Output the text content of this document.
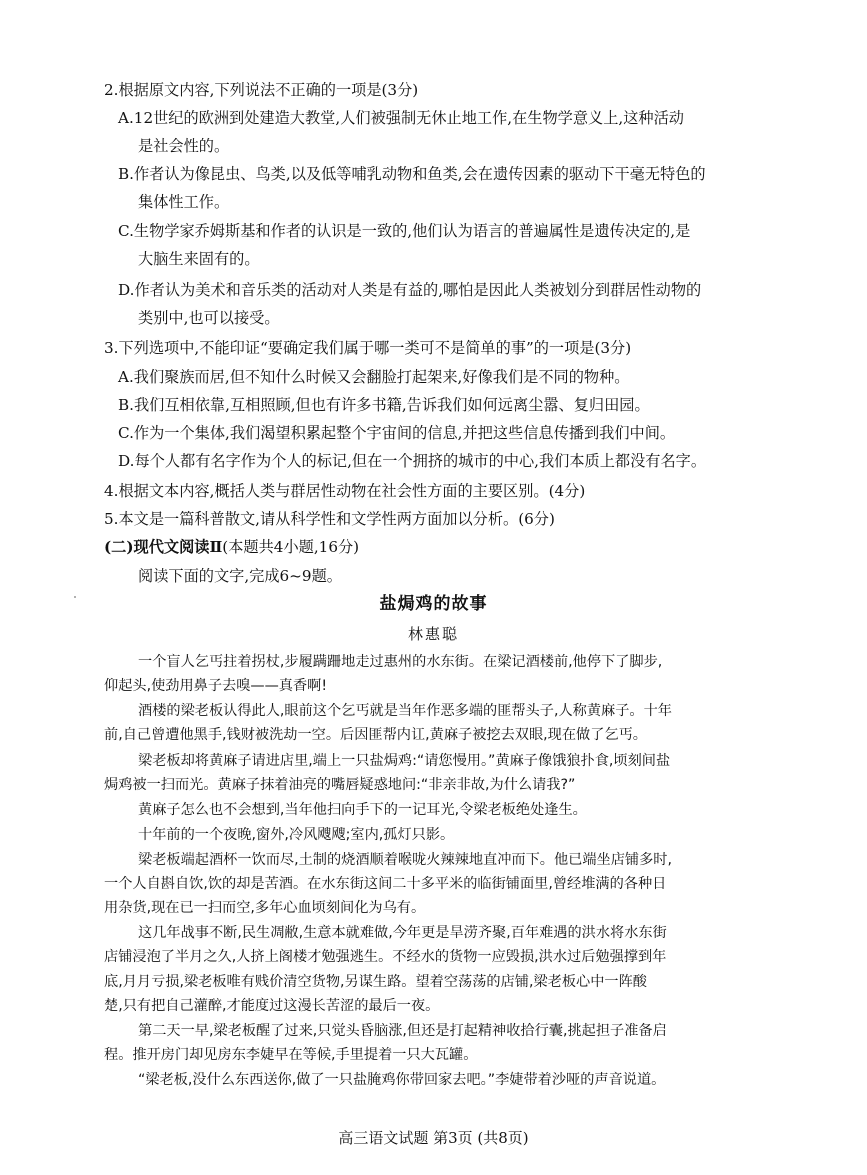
2.根据原文内容,下列说法不正确的一项是(3分)
A.12世纪的欧洲到处建造大教堂,人们被强制无休止地工作,在生物学意义上,这种活动
是社会性的。
B.作者认为像昆虫、鸟类,以及低等哺乳动物和鱼类,会在遗传因素的驱动下干毫无特色的
集体性工作。
C.生物学家乔姆斯基和作者的认识是一致的,他们认为语言的普遍属性是遗传决定的,是
大脑生来固有的。
D.作者认为美术和音乐类的活动对人类是有益的,哪怕是因此人类被划分到群居性动物的
类别中,也可以接受。
3.下列选项中,不能印证“要确定我们属于哪一类可不是简单的事”的一项是(3分)
A.我们聚族而居,但不知什么时候又会翻脸打起架来,好像我们是不同的物种。
B.我们互相依靠,互相照顾,但也有许多书籍,告诉我们如何远离尘嚣、复归田园。
C.作为一个集体,我们渴望积累起整个宇宙间的信息,并把这些信息传播到我们中间。
D.每个人都有名字作为个人的标记,但在一个拥挤的城市的中心,我们本质上都没有名字。
4.根据文本内容,概括人类与群居性动物在社会性方面的主要区别。(4分)
5.本文是一篇科普散文,请从科学性和文学性两方面加以分析。(6分)
(二)现代文阅读Ⅱ(本题共4小题,16分)
阅读下面的文字,完成6~9题。
盐焗鸡的故事
林惠聪
一个盲人乞丐拄着拐杖,步履蹒跚地走过惠州的水东街。在梁记酒楼前,他停下了脚步,
仰起头,使劲用鼻子去嗅——真香啊!
酒楼的梁老板认得此人,眼前这个乞丐就是当年作恶多端的匪帮头子,人称黄麻子。十年
前,自己曾遭他黑手,钱财被洗劫一空。后因匪帮内讧,黄麻子被挖去双眼,现在做了乞丐。
梁老板却将黄麻子请进店里,端上一只盐焗鸡:“请您慢用。”黄麻子像饿狼扑食,顷刻间盐
焗鸡被一扫而光。黄麻子抹着油亮的嘴唇疑惑地问:“非亲非故,为什么请我?”
黄麻子怎么也不会想到,当年他扫向手下的一记耳光,令梁老板绝处逢生。
十年前的一个夜晚,窗外,冷风飕飕;室内,孤灯只影。
梁老板端起酒杯一饮而尽,土制的烧酒顺着喉咙火辣辣地直冲而下。他已端坐店铺多时,
一个人自斟自饮,饮的却是苦酒。在水东街这间二十多平米的临街铺面里,曾经堆满的各种日
用杂货,现在已一扫而空,多年心血顷刻间化为乌有。
这几年战事不断,民生凋敝,生意本就难做,今年更是旱涝齐聚,百年难遇的洪水将水东街
店铺浸泡了半月之久,人挤上阁楼才勉强逃生。不经水的货物一应毁损,洪水过后勉强撑到年
底,月月亏损,梁老板唯有贱价清空货物,另谋生路。望着空荡荡的店铺,梁老板心中一阵酸
楚,只有把自己灌醉,才能度过这漫长苦涩的最后一夜。
第二天一早,梁老板醒了过来,只觉头昏脑涨,但还是打起精神收拾行囊,挑起担子准备启
程。推开房门却见房东李婕早在等候,手里提着一只大瓦罐。
“梁老板,没什么东西送你,做了一只盐腌鸡你带回家去吧。”李婕带着沙哑的声音说道。
高三语文试题 第3页 (共8页)
